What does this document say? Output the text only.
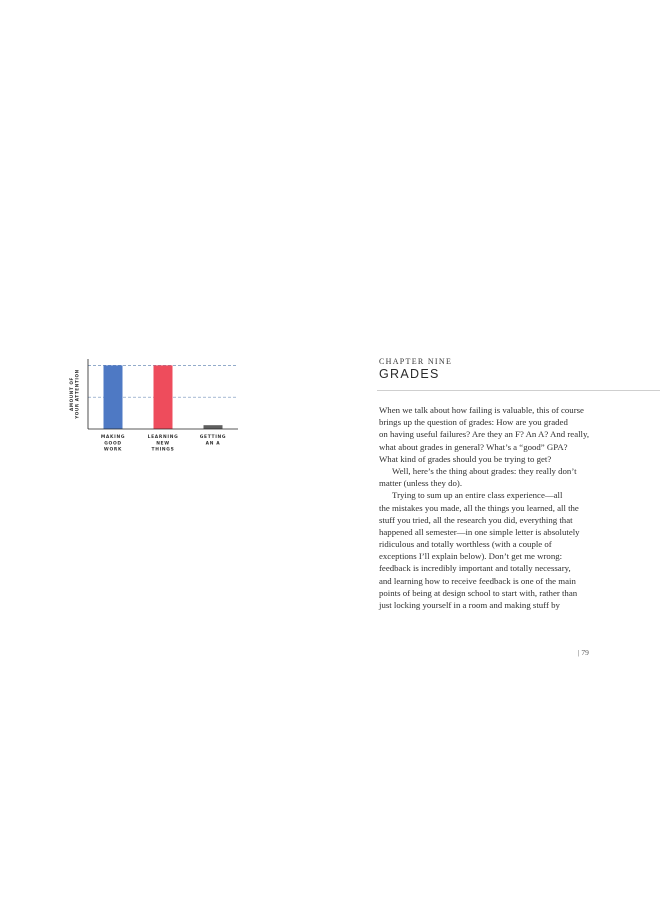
MAKING GOOD WORK
LEARNING NEW THINGS
GETTING AN A
AMOUNT OFYOUR ATTENTION
CHAPTER NINE
GRADES
When we talk about how failing is valuable, this of course
brings up the question of grades: How are you graded
on having useful failures? Are they an F? An A? And really,
what about grades in general? What’s a “good” GPA?
What kind of grades should you be trying to get?
Well, here’s the thing about grades: they really don’t
matter (unless they do).
Trying to sum up an entire class experience—all
the mistakes you made, all the things you learned, all the
stuff you tried, all the research you did, everything that
happened all semester—in one simple letter is absolutely
ridiculous and totally worthless (with a couple of
exceptions I’ll explain below). Don’t get me wrong:
feedback is incredibly important and totally necessary,
and learning how to receive feedback is one of the main
points of being at design school to start with, rather than
just locking yourself in a room and making stuff by
| 79
